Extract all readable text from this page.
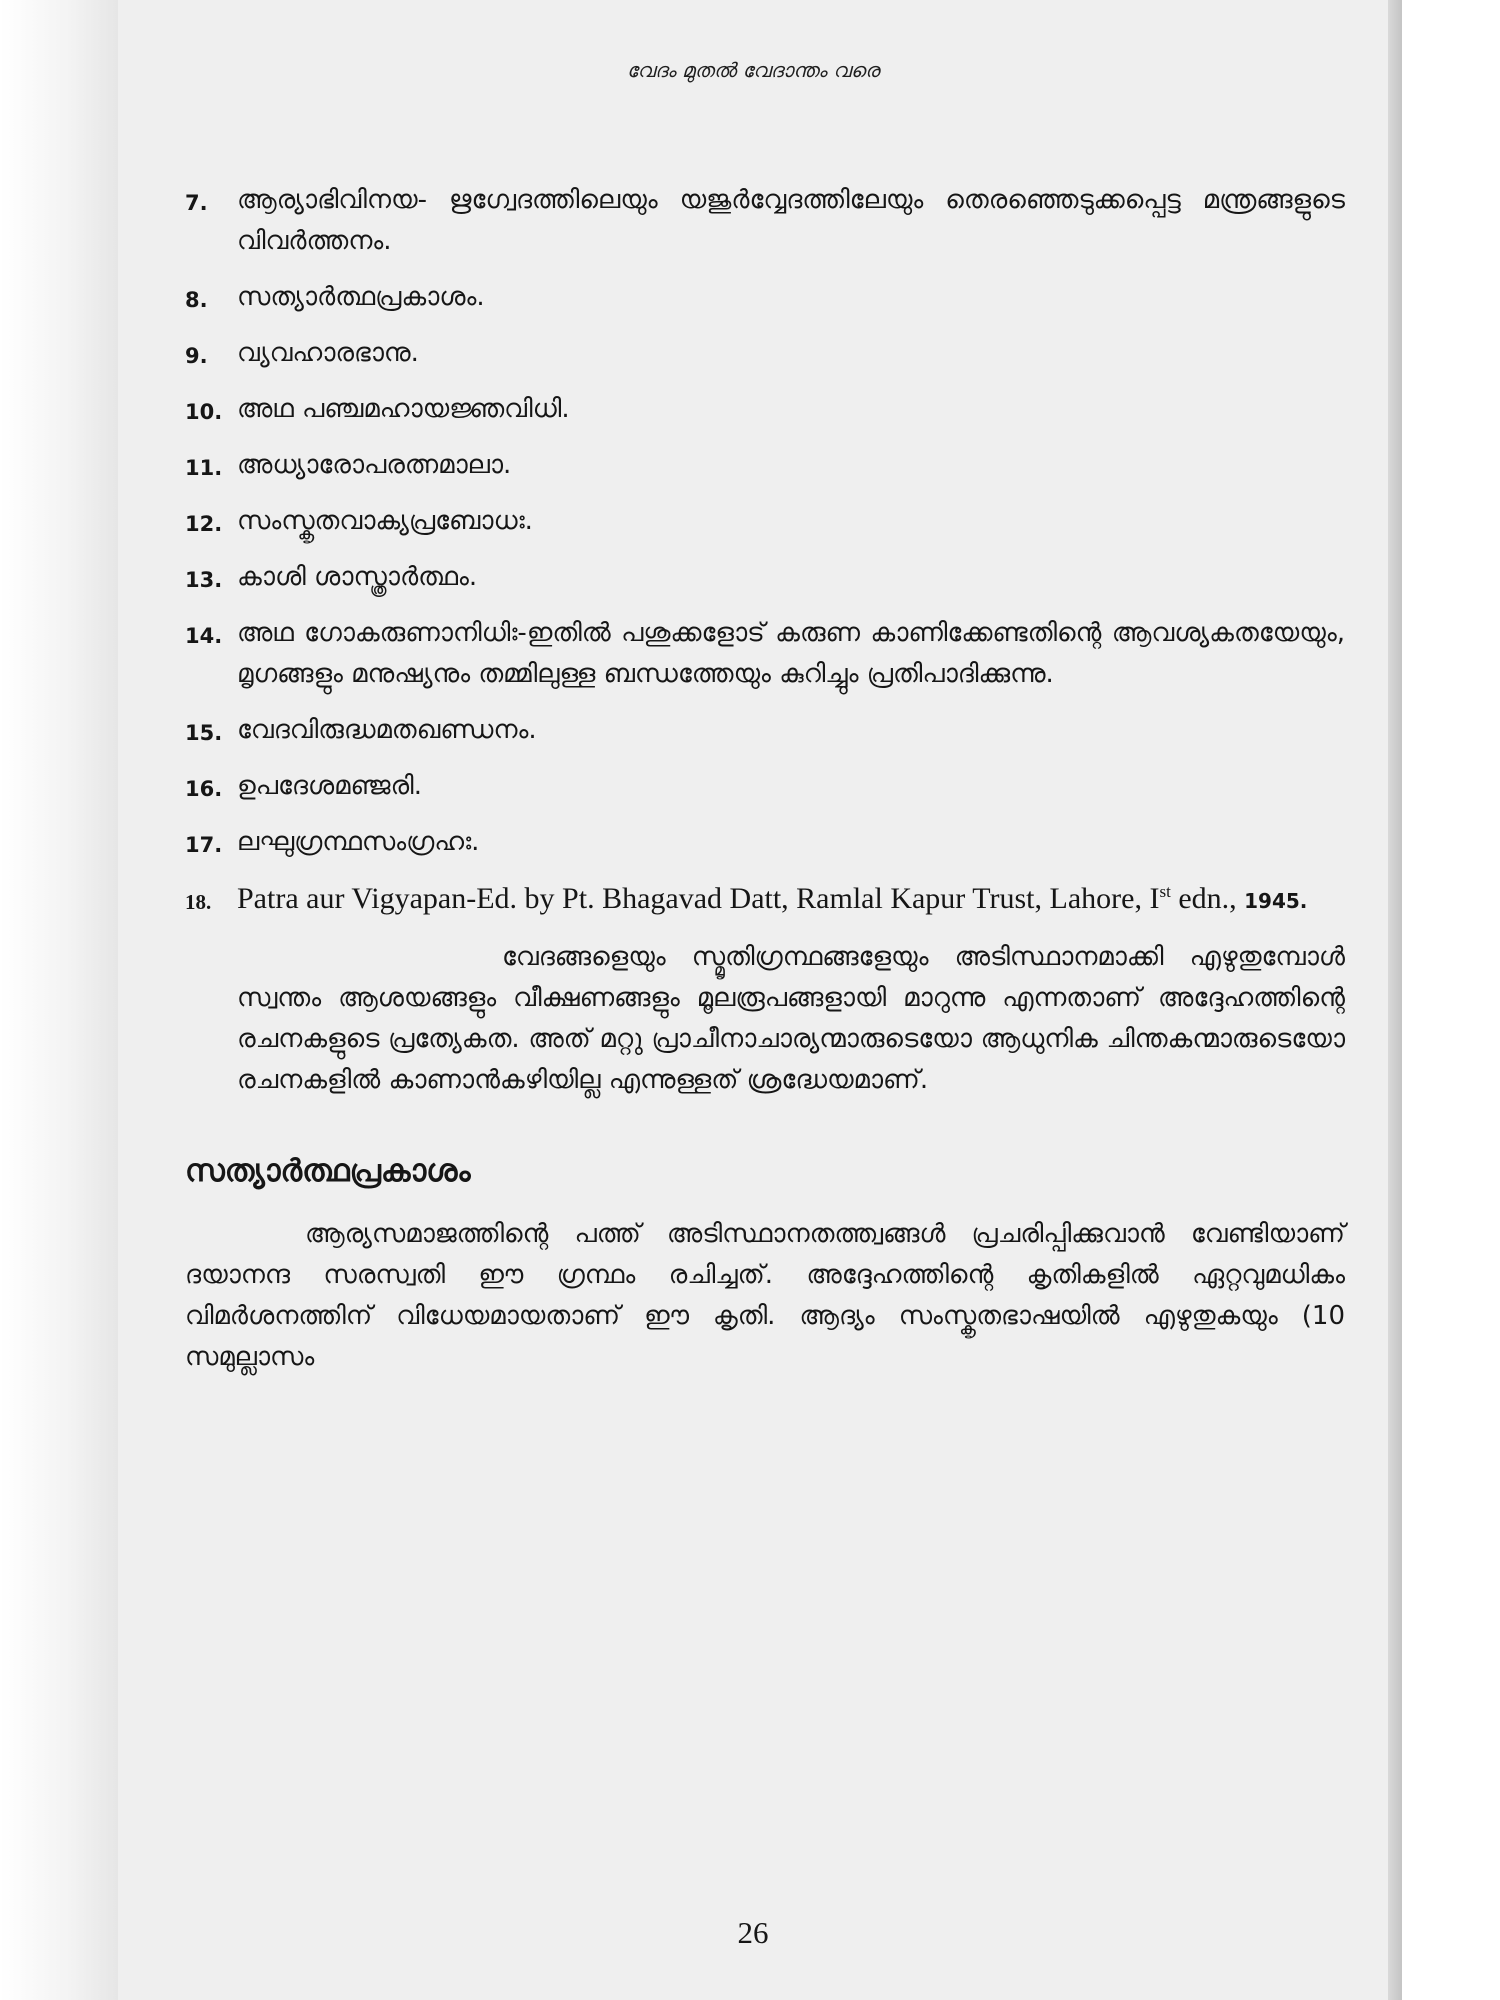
വേദം മുതൽ വേദാന്തം വരെ
7. ആര്യാഭിവിനയ- ഋഗ്വേദത്തിലെയും യജുർവ്വേദത്തിലേയും തെരഞ്ഞെടുക്കപ്പെട്ട മന്ത്രങ്ങളുടെ വിവർത്തനം.
8. സത്യാർത്ഥപ്രകാശം.
9. വ്യവഹാരഭാനു.
10. അഥ പഞ്ചമഹായജ്ഞവിധി.
11. അധ്യാരോപരത്നമാലാ.
12. സംസ്കൃതവാക്യപ്രബോധഃ.
13. കാശി ശാസ്ത്രാർത്ഥം.
14. അഥ ഗോകരുണാനിധിഃ-ഇതിൽ പശുക്കളോട് കരുണ കാണിക്കേണ്ടതിന്റെ ആവശ്യകതയേയും, മൃഗങ്ങളും മനുഷ്യനും തമ്മിലുള്ള ബന്ധത്തേയും കുറിച്ചും പ്രതിപാദിക്കുന്നു.
15. വേദവിരുദ്ധമതഖണ്ഡനം.
16. ഉപദേശമഞ്ജരി.
17. ലഘുഗ്രന്ഥസംഗ്രഹഃ.
18. Patra aur Vigyapan-Ed. by Pt. Bhagavad Datt, Ramlal Kapur Trust, Lahore, Ist edn., 1945.

വേദങ്ങളെയും സ്മൃതിഗ്രന്ഥങ്ങളേയും അടിസ്ഥാനമാക്കി എഴുതുമ്പോൾ സ്വന്തം ആശയങ്ങളും വീക്ഷണങ്ങളും മൂലരൂപങ്ങളായി മാറുന്നു എന്നതാണ് അദ്ദേഹത്തിന്റെ രചനകളുടെ പ്രത്യേകത. അത് മറ്റു പ്രാചീനാചാര്യന്മാരുടെയോ ആധുനിക ചിന്തകന്മാരുടെയോ രചനകളിൽ കാണാൻകഴിയില്ല എന്നുള്ളത് ശ്രദ്ധേയമാണ്.

സത്യാർത്ഥപ്രകാശം

ആര്യസമാജത്തിന്റെ പത്ത് അടിസ്ഥാനതത്ത്വങ്ങൾ പ്രചരിപ്പിക്കുവാൻ വേണ്ടിയാണ് ദയാനന്ദ സരസ്വതി ഈ ഗ്രന്ഥം രചിച്ചത്. അദ്ദേഹത്തിന്റെ കൃതികളിൽ ഏറ്റവുമധികം വിമർശനത്തിന് വിധേയമായതാണ് ഈ കൃതി. ആദ്യം സംസ്കൃതഭാഷയിൽ എഴുതുകയും (10 സമുല്ലാസം

26
